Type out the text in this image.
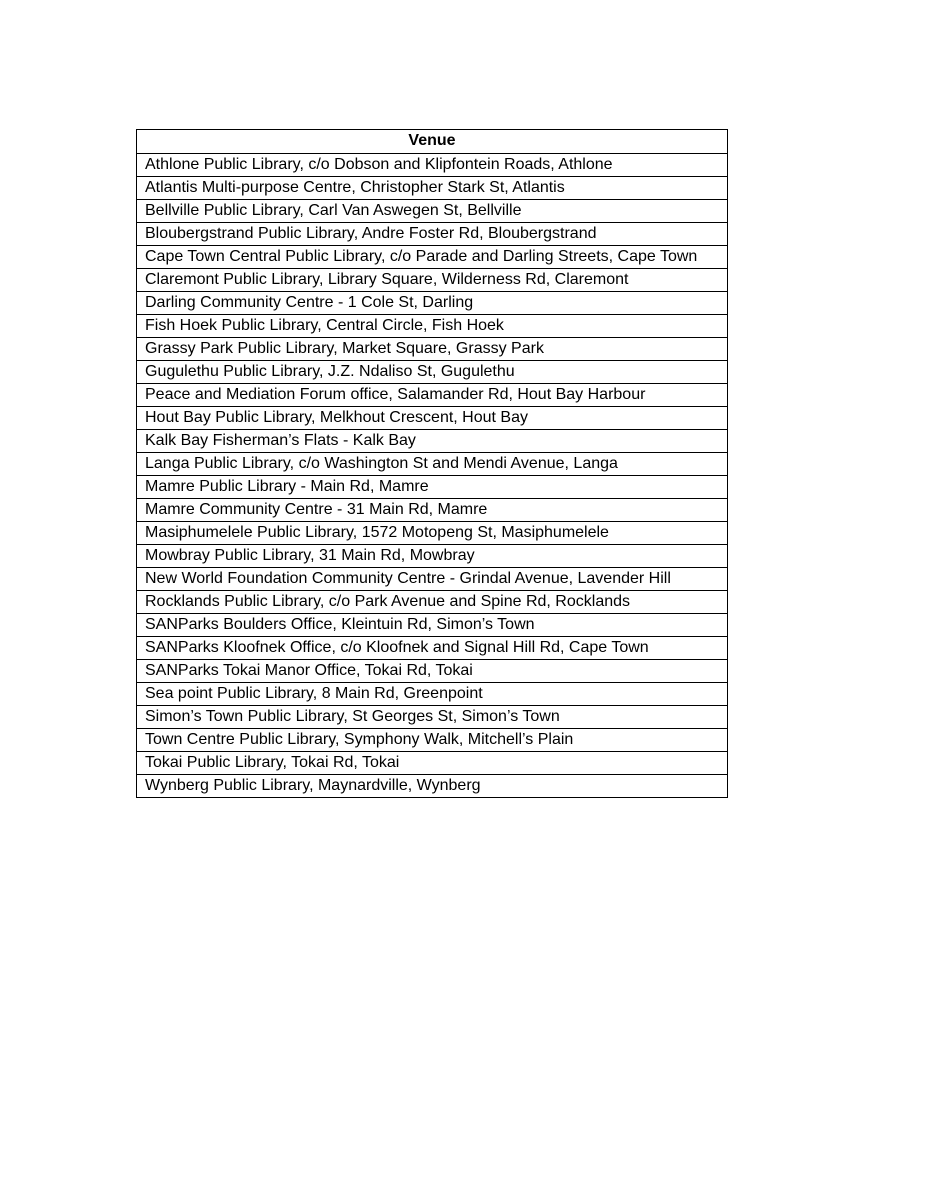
Venue
Athlone Public Library, c/o Dobson and Klipfontein Roads, Athlone
Atlantis Multi-purpose Centre, Christopher Stark St, Atlantis
Bellville Public Library, Carl Van Aswegen St, Bellville
Bloubergstrand Public Library, Andre Foster Rd, Bloubergstrand
Cape Town Central Public Library, c/o Parade and Darling Streets, Cape Town
Claremont Public Library, Library Square, Wilderness Rd, Claremont
Darling Community Centre - 1 Cole St, Darling
Fish Hoek Public Library, Central Circle, Fish Hoek
Grassy Park Public Library, Market Square, Grassy Park
Gugulethu Public Library, J.Z. Ndaliso St, Gugulethu
Peace and Mediation Forum office, Salamander Rd, Hout Bay Harbour
Hout Bay Public Library, Melkhout Crescent, Hout Bay
Kalk Bay Fisherman’s Flats - Kalk Bay
Langa Public Library, c/o Washington St and Mendi Avenue, Langa
Mamre Public Library - Main Rd, Mamre
Mamre Community Centre - 31 Main Rd, Mamre
Masiphumelele Public Library, 1572 Motopeng St, Masiphumelele
Mowbray Public Library, 31 Main Rd, Mowbray
New World Foundation Community Centre - Grindal Avenue, Lavender Hill
Rocklands Public Library, c/o Park Avenue and Spine Rd, Rocklands
SANParks Boulders Office, Kleintuin Rd, Simon’s Town
SANParks Kloofnek Office, c/o Kloofnek and Signal Hill Rd, Cape Town
SANParks Tokai Manor Office, Tokai Rd, Tokai
Sea point Public Library, 8 Main Rd, Greenpoint
Simon’s Town Public Library, St Georges St, Simon’s Town
Town Centre Public Library, Symphony Walk, Mitchell’s Plain
Tokai Public Library, Tokai Rd, Tokai
Wynberg Public Library, Maynardville, Wynberg
